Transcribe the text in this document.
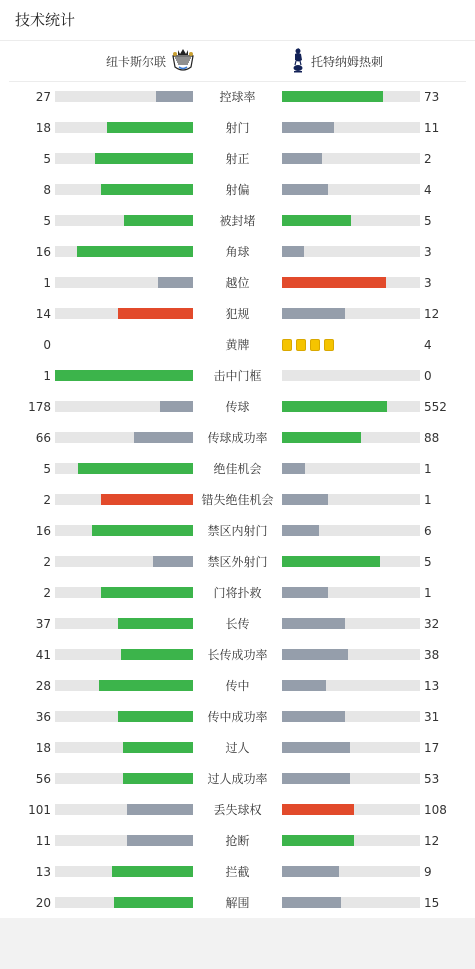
技术统计
纽卡斯尔联	托特纳姆热刺
27	控球率	73
18	射门	11
5	射正	2
8	射偏	4
5	被封堵	5
16	角球	3
1	越位	3
14	犯规	12
0	黄牌	4
1	击中门框	0
178	传球	552
66	传球成功率	88
5	绝佳机会	1
2	错失绝佳机会	1
16	禁区内射门	6
2	禁区外射门	5
2	门将扑救	1
37	长传	32
41	长传成功率	38
28	传中	13
36	传中成功率	31
18	过人	17
56	过人成功率	53
101	丢失球权	108
11	抢断	12
13	拦截	9
20	解围	15
